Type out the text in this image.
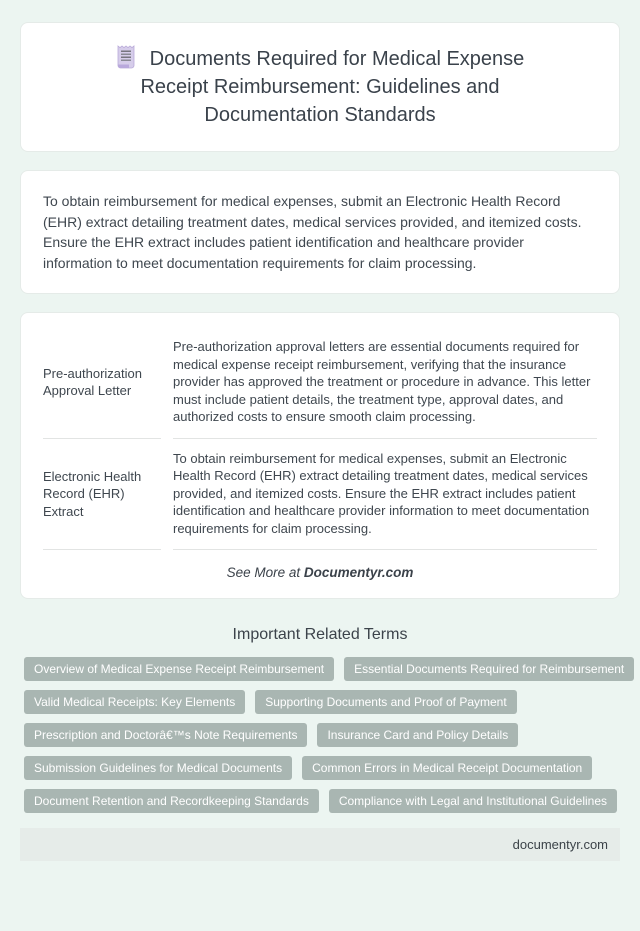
Documents Required for Medical Expense Receipt Reimbursement: Guidelines and Documentation Standards

To obtain reimbursement for medical expenses, submit an Electronic Health Record (EHR) extract detailing treatment dates, medical services provided, and itemized costs. Ensure the EHR extract includes patient identification and healthcare provider information to meet documentation requirements for claim processing.

Pre-authorization Approval Letter	Pre-authorization approval letters are essential documents required for medical expense receipt reimbursement, verifying that the insurance provider has approved the treatment or procedure in advance. This letter must include patient details, the treatment type, approval dates, and authorized costs to ensure smooth claim processing.
Electronic Health Record (EHR) Extract	To obtain reimbursement for medical expenses, submit an Electronic Health Record (EHR) extract detailing treatment dates, medical services provided, and itemized costs. Ensure the EHR extract includes patient identification and healthcare provider information to meet documentation requirements for claim processing.
See More at Documentyr.com
Important Related Terms
Overview of Medical Expense Receipt Reimbursement	Essential Documents Required for Reimbursement
Valid Medical Receipts: Key Elements	Supporting Documents and Proof of Payment
Prescription and Doctorâ€™s Note Requirements	Insurance Card and Policy Details
Submission Guidelines for Medical Documents	Common Errors in Medical Receipt Documentation
Document Retention and Recordkeeping Standards	Compliance with Legal and Institutional Guidelines
documentyr.com
